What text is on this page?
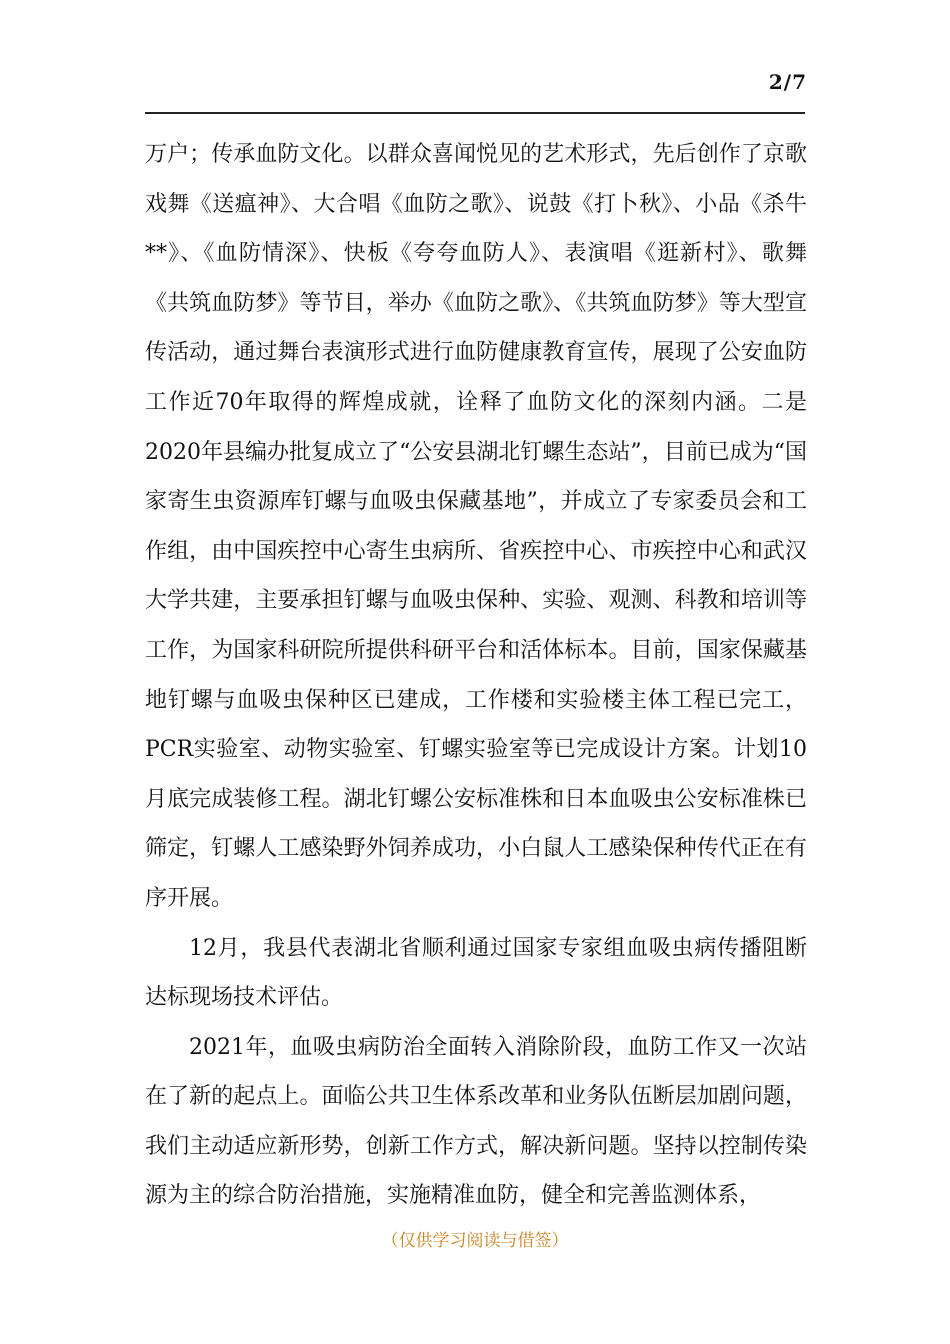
2/7

万户；传承血防文化。以群众喜闻悦见的艺术形式，先后创作了京歌戏舞《送瘟神》、大合唱《血防之歌》、说鼓《打卜秋》、小品《杀牛**》、《血防情深》、快板《夸夸血防人》、表演唱《逛新村》、歌舞《共筑血防梦》等节目，举办《血防之歌》、《共筑血防梦》等大型宣传活动，通过舞台表演形式进行血防健康教育宣传，展现了公安血防工作近70年取得的辉煌成就，诠释了血防文化的深刻内涵。二是2020年县编办批复成立了“公安县湖北钉螺生态站”，目前已成为“国家寄生虫资源库钉螺与血吸虫保藏基地”，并成立了专家委员会和工作组，由中国疾控中心寄生虫病所、省疾控中心、市疾控中心和武汉大学共建，主要承担钉螺与血吸虫保种、实验、观测、科教和培训等工作，为国家科研院所提供科研平台和活体标本。目前，国家保藏基地钉螺与血吸虫保种区已建成，工作楼和实验楼主体工程已完工，PCR实验室、动物实验室、钉螺实验室等已完成设计方案。计划10月底完成装修工程。湖北钉螺公安标准株和日本血吸虫公安标准株已筛定，钉螺人工感染野外饲养成功，小白鼠人工感染保种传代正在有序开展。

12月，我县代表湖北省顺利通过国家专家组血吸虫病传播阻断达标现场技术评估。

2021年，血吸虫病防治全面转入消除阶段，血防工作又一次站在了新的起点上。面临公共卫生体系改革和业务队伍断层加剧问题，我们主动适应新形势，创新工作方式，解决新问题。坚持以控制传染源为主的综合防治措施，实施精准血防，健全和完善监测体系，

（仅供学习阅读与借签）
